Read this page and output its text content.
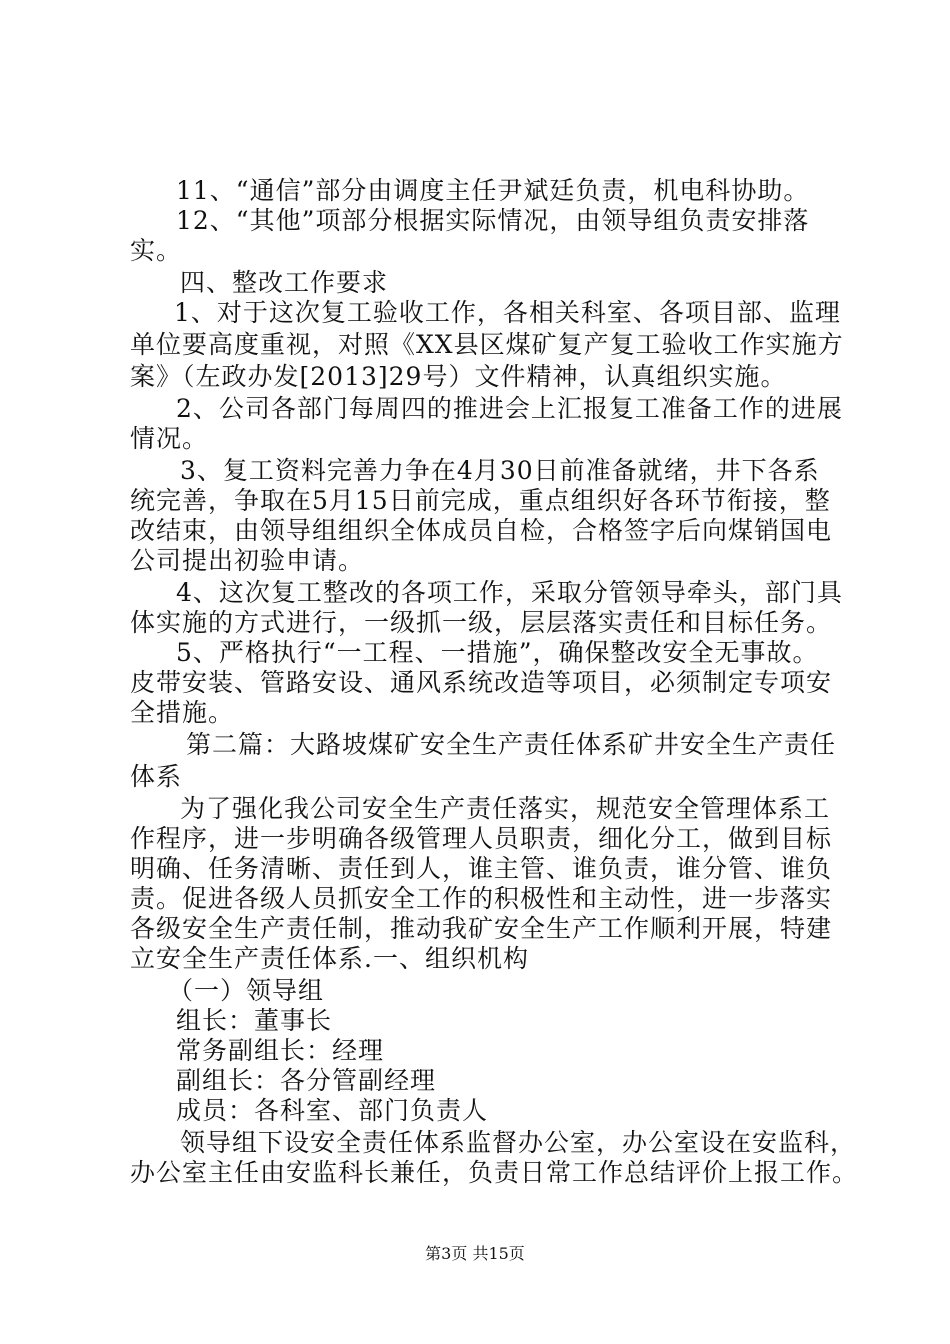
11、“通信”部分由调度主任尹斌廷负责，机电科协助。
12、“其他”项部分根据实际情况，由领导组负责安排落
实。
四、整改工作要求
1、对于这次复工验收工作，各相关科室、各项目部、监理
单位要高度重视，对照《XX县区煤矿复产复工验收工作实施方
案》（左政办发[2013]29号）文件精神，认真组织实施。
2、公司各部门每周四的推进会上汇报复工准备工作的进展
情况。
3、复工资料完善力争在4月30日前准备就绪，井下各系
统完善，争取在5月15日前完成，重点组织好各环节衔接，整
改结束，由领导组组织全体成员自检，合格签字后向煤销国电
公司提出初验申请。
4、这次复工整改的各项工作，采取分管领导牵头，部门具
体实施的方式进行，一级抓一级，层层落实责任和目标任务。
5、严格执行“一工程、一措施”，确保整改安全无事故。
皮带安装、管路安设、通风系统改造等项目，必须制定专项安
全措施。
第二篇：大路坡煤矿安全生产责任体系矿井安全生产责任
体系
为了强化我公司安全生产责任落实，规范安全管理体系工
作程序，进一步明确各级管理人员职责，细化分工，做到目标
明确、任务清晰、责任到人，谁主管、谁负责，谁分管、谁负
责。促进各级人员抓安全工作的积极性和主动性，进一步落实
各级安全生产责任制，推动我矿安全生产工作顺利开展，特建
立安全生产责任体系.一、组织机构
（一）领导组
组长：董事长
常务副组长：经理
副组长：各分管副经理
成员：各科室、部门负责人
领导组下设安全责任体系监督办公室，办公室设在安监科，
办公室主任由安监科长兼任，负责日常工作总结评价上报工作。
第3页 共15页
